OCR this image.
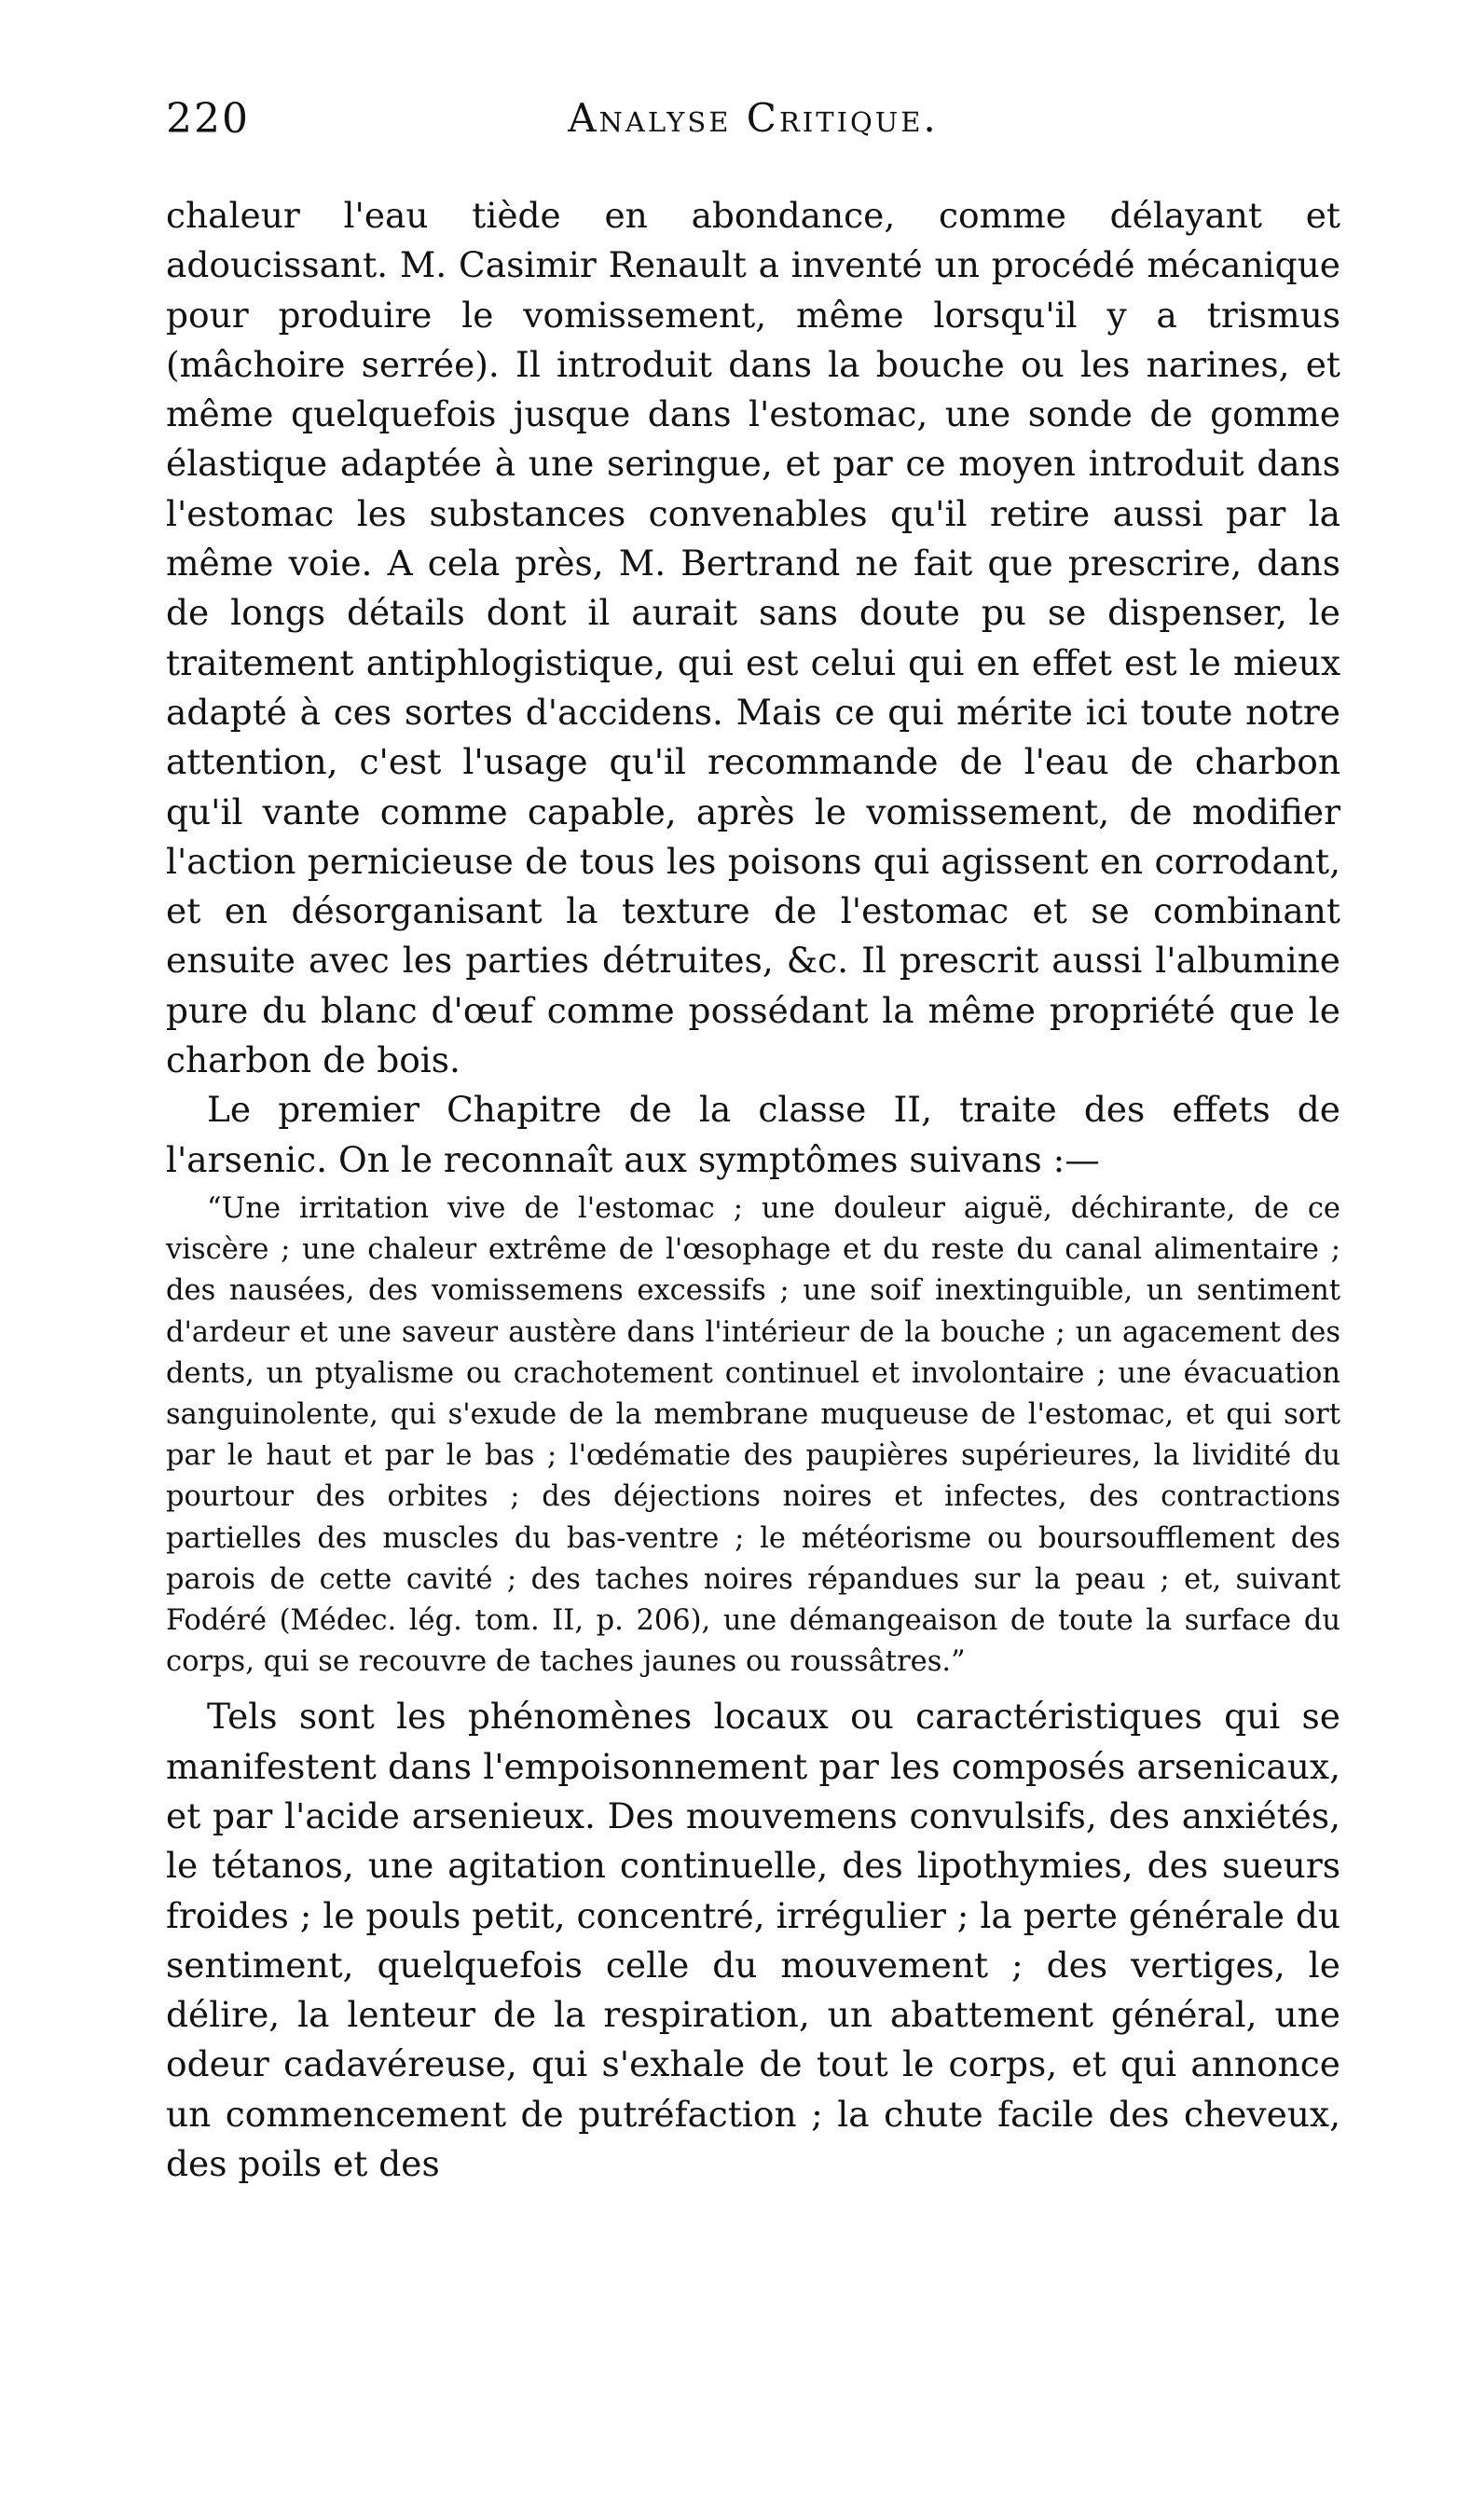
220	Analyse Critique.

chaleur l'eau tiède en abondance, comme délayant et adoucissant. M. Casimir Renault a inventé un procédé mécanique pour produire le vomissement, même lorsqu'il y a trismus (mâchoire serrée). Il introduit dans la bouche ou les narines, et même quelquefois jusque dans l'estomac, une sonde de gomme élastique adaptée à une seringue, et par ce moyen introduit dans l'estomac les substances convenables qu'il retire aussi par la même voie. A cela près, M. Bertrand ne fait que prescrire, dans de longs détails dont il aurait sans doute pu se dispenser, le traitement antiphlogistique, qui est celui qui en effet est le mieux adapté à ces sortes d'accidens. Mais ce qui mérite ici toute notre attention, c'est l'usage qu'il recommande de l'eau de charbon qu'il vante comme capable, après le vomissement, de modifier l'action pernicieuse de tous les poisons qui agissent en corrodant, et en désorganisant la texture de l'estomac et se combinant ensuite avec les parties détruites, &c. Il prescrit aussi l'albumine pure du blanc d'œuf comme possédant la même propriété que le charbon de bois.

Le premier Chapitre de la classe II, traite des effets de l'arsenic. On le reconnaît aux symptômes suivans :—

“Une irritation vive de l'estomac ; une douleur aiguë, déchirante, de ce viscère ; une chaleur extrême de l'œsophage et du reste du canal alimentaire ; des nausées, des vomissemens excessifs ; une soif inextinguible, un sentiment d'ardeur et une saveur austère dans l'intérieur de la bouche ; un agacement des dents, un ptyalisme ou crachotement continuel et involontaire ; une évacuation sanguinolente, qui s'exude de la membrane muqueuse de l'estomac, et qui sort par le haut et par le bas ; l'œdématie des paupières supérieures, la lividité du pourtour des orbites ; des déjections noires et infectes, des contractions partielles des muscles du bas-ventre ; le météorisme ou boursoufflement des parois de cette cavité ; des taches noires répandues sur la peau ; et, suivant Fodéré (Médec. lég. tom. II, p. 206), une démangeaison de toute la surface du corps, qui se recouvre de taches jaunes ou roussâtres.”

Tels sont les phénomènes locaux ou caractéristiques qui se manifestent dans l'empoisonnement par les composés arsenicaux, et par l'acide arsenieux. Des mouvemens convulsifs, des anxiétés, le tétanos, une agitation continuelle, des lipothymies, des sueurs froides ; le pouls petit, concentré, irrégulier ; la perte générale du sentiment, quelquefois celle du mouvement ; des vertiges, le délire, la lenteur de la respiration, un abattement général, une odeur cadavéreuse, qui s'exhale de tout le corps, et qui annonce un commencement de putréfaction ; la chute facile des cheveux, des poils et des
